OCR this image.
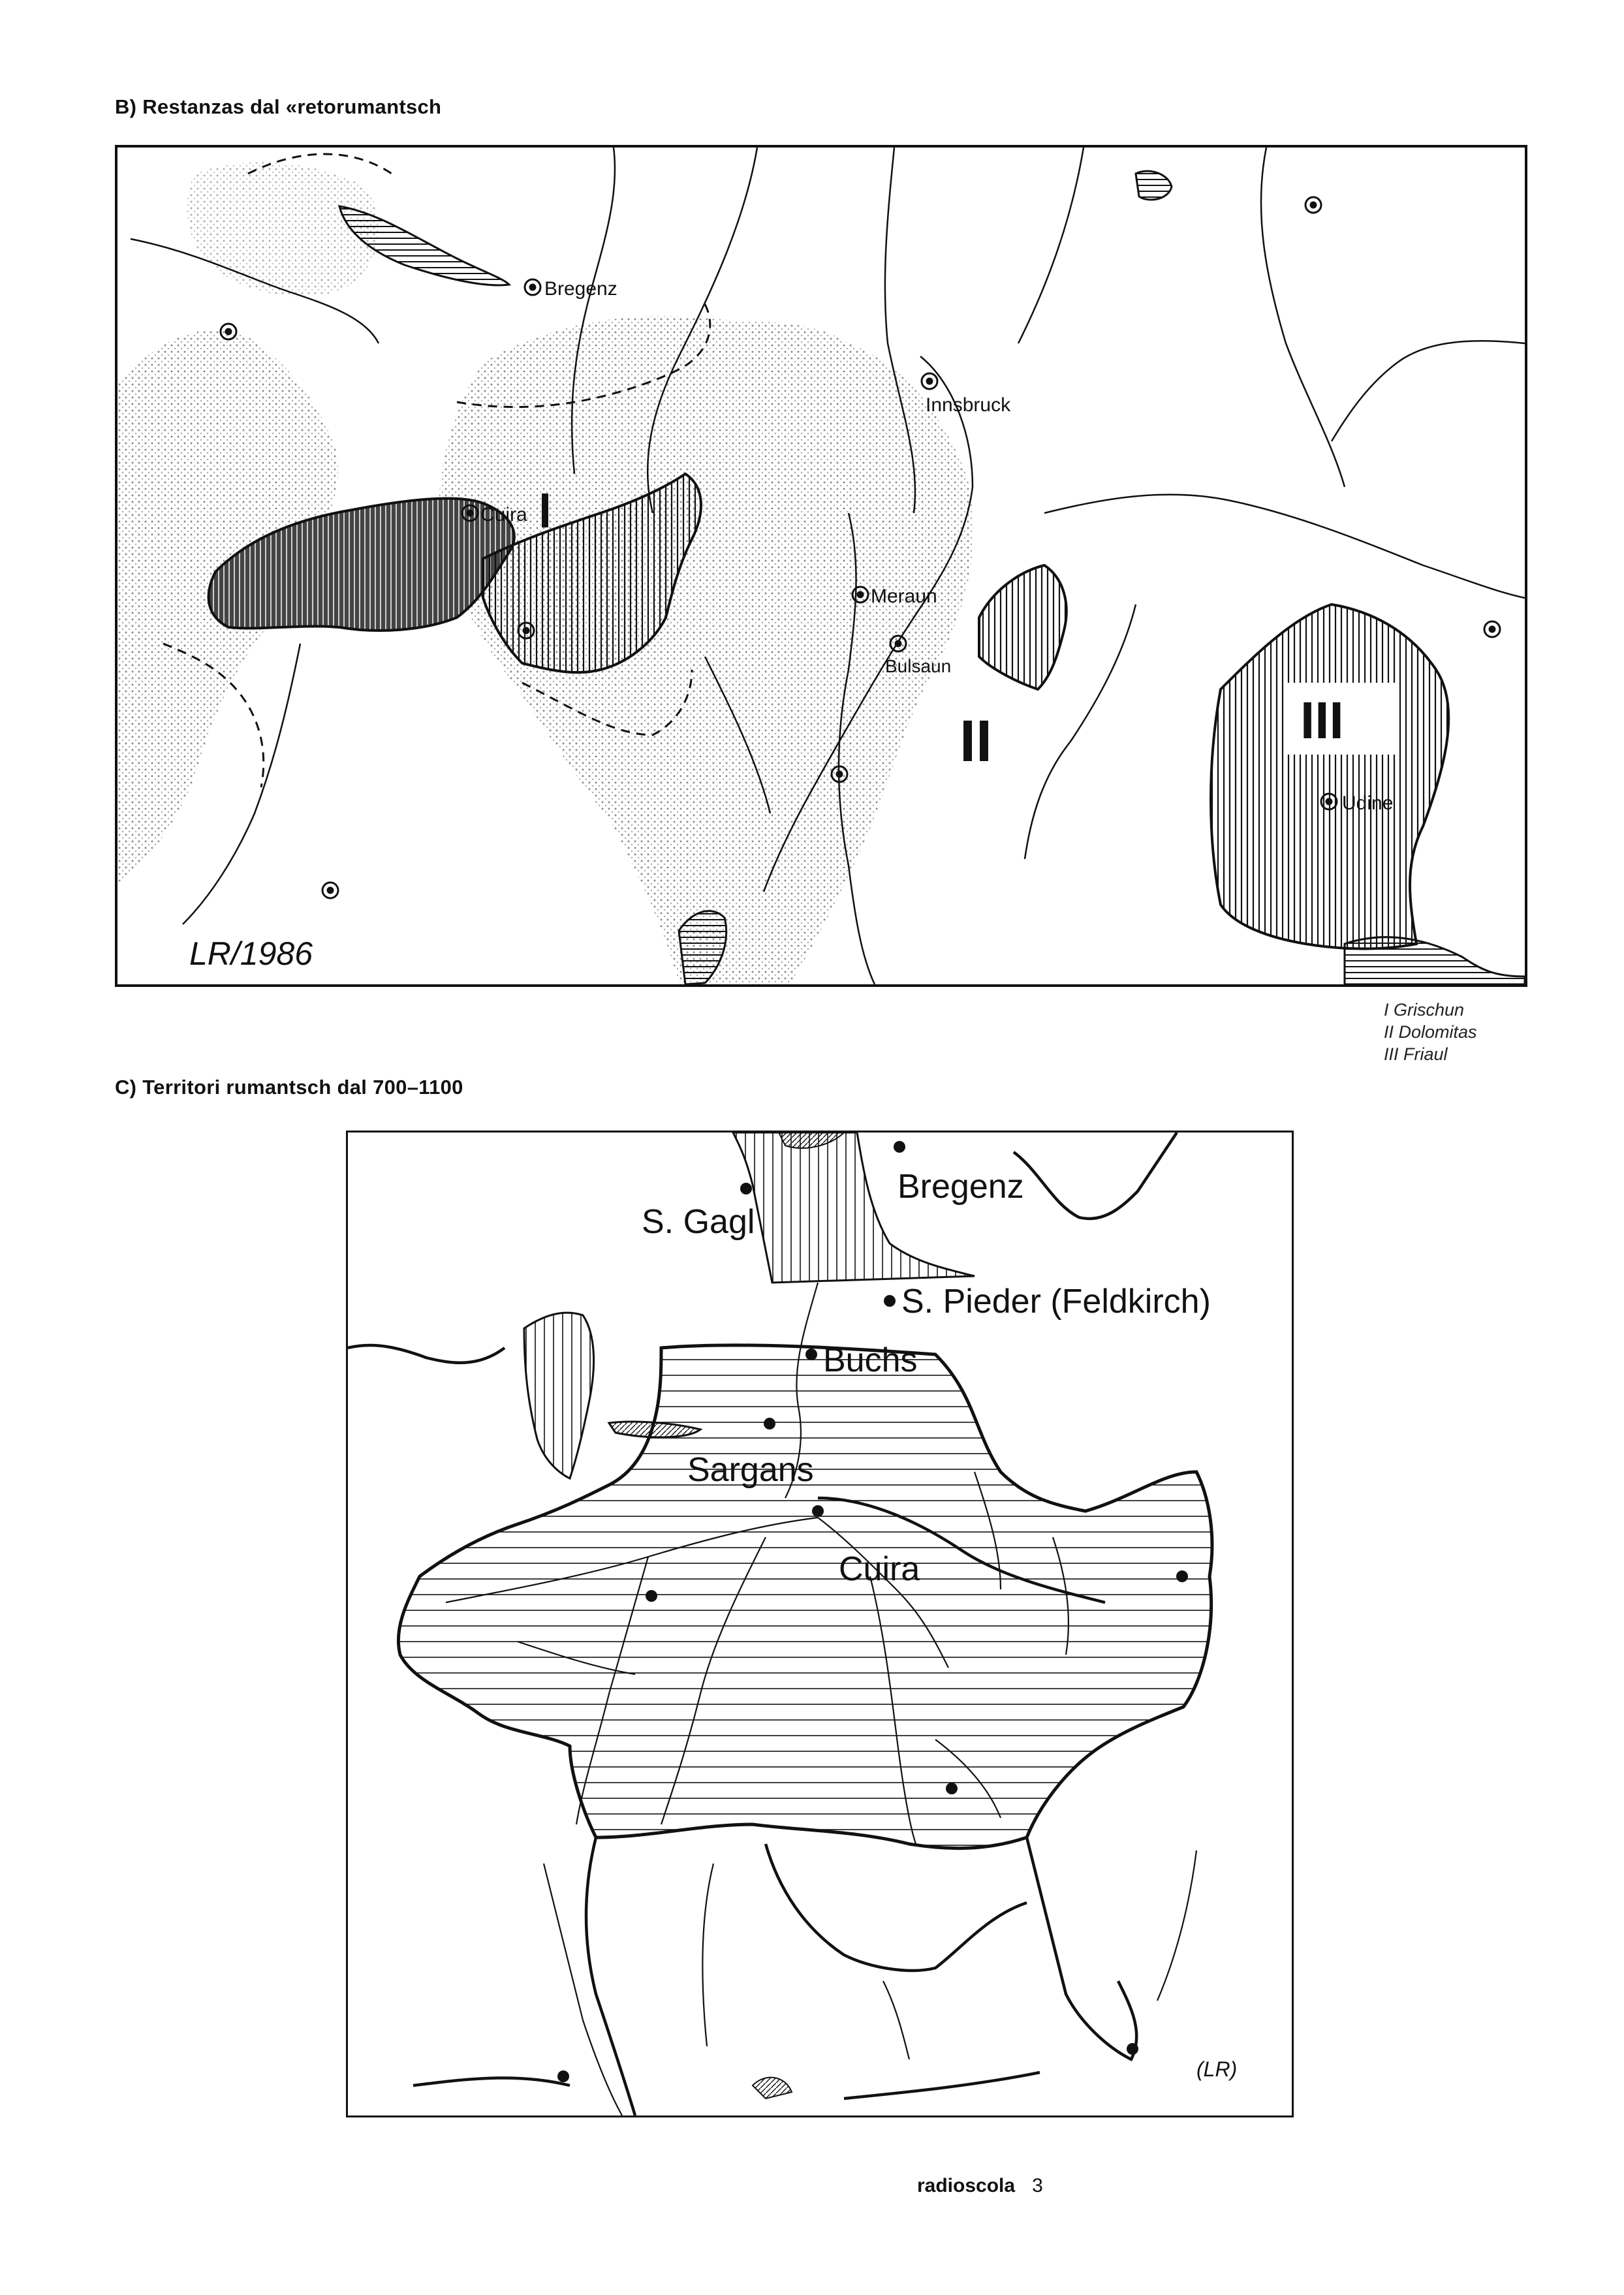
B) Restanzas dal «retorumantsch
Bregenz
Innsbruck
Cuira
Meraun
Bulsaun
Udine
I
II	III
LR/1986
I Grischun
II Dolomitas
III Friaul
C) Territori rumantsch dal 700–1100
Bregenz
S. Gagl
S. Pieder (Feldkirch)
Buchs
Sargans
Cuira
(LR)
radioscola 3
